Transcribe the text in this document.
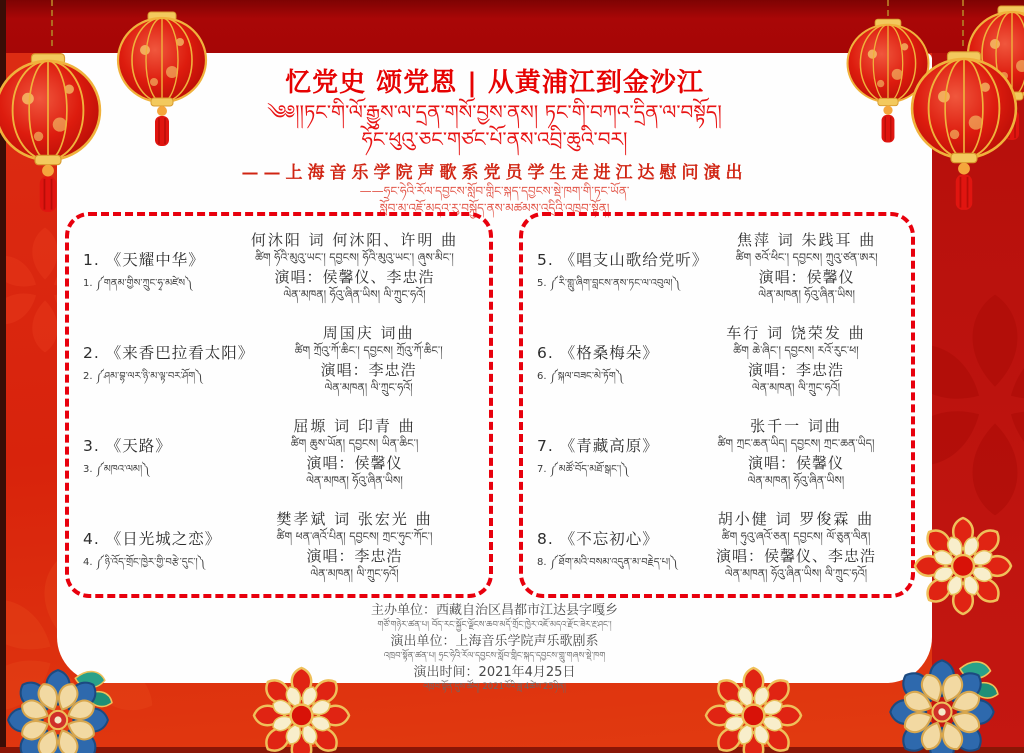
忆党史 颂党恩 | 从黄浦江到金沙江
༄༅།།ཏང་གི་ལོ་རྒྱུས་ལ་དྲན་གསོ་བྱས་ནས། ཏང་གི་བཀའ་དྲིན་ལ་བསྟོད།
ཧོང་ཕུའུ་ཅང་གཙང་པོ་ནས་འབྲི་ཆུའི་བར།
——上海音乐学院声歌系党员学生走进江达慰问演出
——ཧྲང་ཧེའི་རོལ་དབྱངས་སློབ་གླིང་སྐད་དབྱངས་སྡེ་ཁག་གི་ཏང་ཡོན་
སློབ་མ་འཇོ་མདའ་རུ་བསྐྱོད་ནས་མཚམས་འདྲིའི་འཁྲབ་སྟོན།
1. 《天耀中华》
1. ༼གནམ་གྱིས་ཀྲུང་ཧྭ་མཛེས༽
何沐阳 词 何沐阳、许明 曲
ཚིག ཧོའི་མུའུ་ཡང་། དབྱངས། ཧོའི་མུའུ་ཡང་། ཞུས་མིང་།
演唱：侯馨仪、李忠浩
ལེན་མཁན། ཧོའུ་ཞིན་ཡིས། ལི་ཀྲུང་ཧའོ།
2. 《来香巴拉看太阳》
2. ༼ཤམ་བྷ་ལར་ཉི་མ་ལྟ་བར་ཤོག༽
周国庆 词曲
ཚིག ཀྲོའུ་ཀོ་ཆིང་། དབྱངས། ཀྲོའུ་ཀོ་ཆིང་།
演唱：李忠浩
ལེན་མཁན། ལི་ཀྲུང་ཧའོ།
3. 《天路》
3. ༼མཁའ་ལམ།༽
屈塬 词 印青 曲
ཚིག ཆུས་ཡོན། དབྱངས། ཡིན་ཆིང་།
演唱：侯馨仪
ལེན་མཁན། ཧོའུ་ཞིན་ཡིས།
4. 《日光城之恋》
4. ༼ཉི་འོད་གྲོང་ཁྱེར་གྱི་བརྩེ་དུང་།༽
樊孝斌 词 张宏光 曲
ཚིག ཕན་ཞའོ་པིན། དབྱངས། ཀྲང་ཧུང་ཀོང་།
演唱：李忠浩
ལེན་མཁན། ལི་ཀྲུང་ཧའོ།
5. 《唱支山歌给党听》
5. ༼རི་གླུ་ཞིག་བླངས་ནས་ཏང་ལ་འབུལ།༽
焦萍 词 朱践耳 曲
ཚིག ཅའོ་ཕིང་། དབྱངས། ཀྲུའུ་ཙན་ཨར།
演唱：侯馨仪
ལེན་མཁན། ཧོའུ་ཞིན་ཡིས།
6. 《格桑梅朵》
6. ༼སྐལ་བཟང་མེ་ཏོག༽
车行 词 饶荣发 曲
ཚིག ཆེ་ཞིང་། དབྱངས། རའོ་རུང་ཕ།
演唱：李忠浩
ལེན་མཁན། ལི་ཀྲུང་ཧའོ།
7. 《青藏高原》
7. ༼མཚོ་བོད་མཐོ་སྒང་།༽
张千一 词曲
ཚིག ཀྲང་ཆན་ཡིད། དབྱངས། ཀྲང་ཆན་ཡིད།
演唱：侯馨仪
ལེན་མཁན། ཧོའུ་ཞིན་ཡིས།
8. 《不忘初心》
8. ༼ཐོག་མའི་བསམ་འདུན་མ་བརྗེད་པ།༽
胡小健 词 罗俊霖 曲
ཚིག ཧུའུ་ཞའོ་ཅན། དབྱངས། ལོ་ཅུན་ལིན།
演唱：侯馨仪、李忠浩
ལེན་མཁན། ཧོའུ་ཞིན་ཡིས། ལི་ཀྲུང་ཧའོ།
主办单位：西藏自治区昌都市江达县字嘎乡
གཙོ་གཉེར་ཚན་པ། བོད་རང་སྐྱོང་ལྗོངས་ཆབ་མདོ་གྲོང་ཁྱེར་འཇོ་མདའ་རྫོང་ཟེར་རྔ་ཤང་།
演出单位：上海音乐学院声乐歌剧系
འཁྲབ་སྟོན་ཚན་པ། ཧྲང་ཧེའི་རོལ་དབྱངས་སློབ་གླིང་སྐད་དབྱངས་གླུ་གཞས་སྡེ་ཁག
演出时间：2021年4月25日
འཁྲབ་སྟོན་དུས་ཚོད། 2021ལོའི་ཟླ་4ཚེས་25ཉིན།
